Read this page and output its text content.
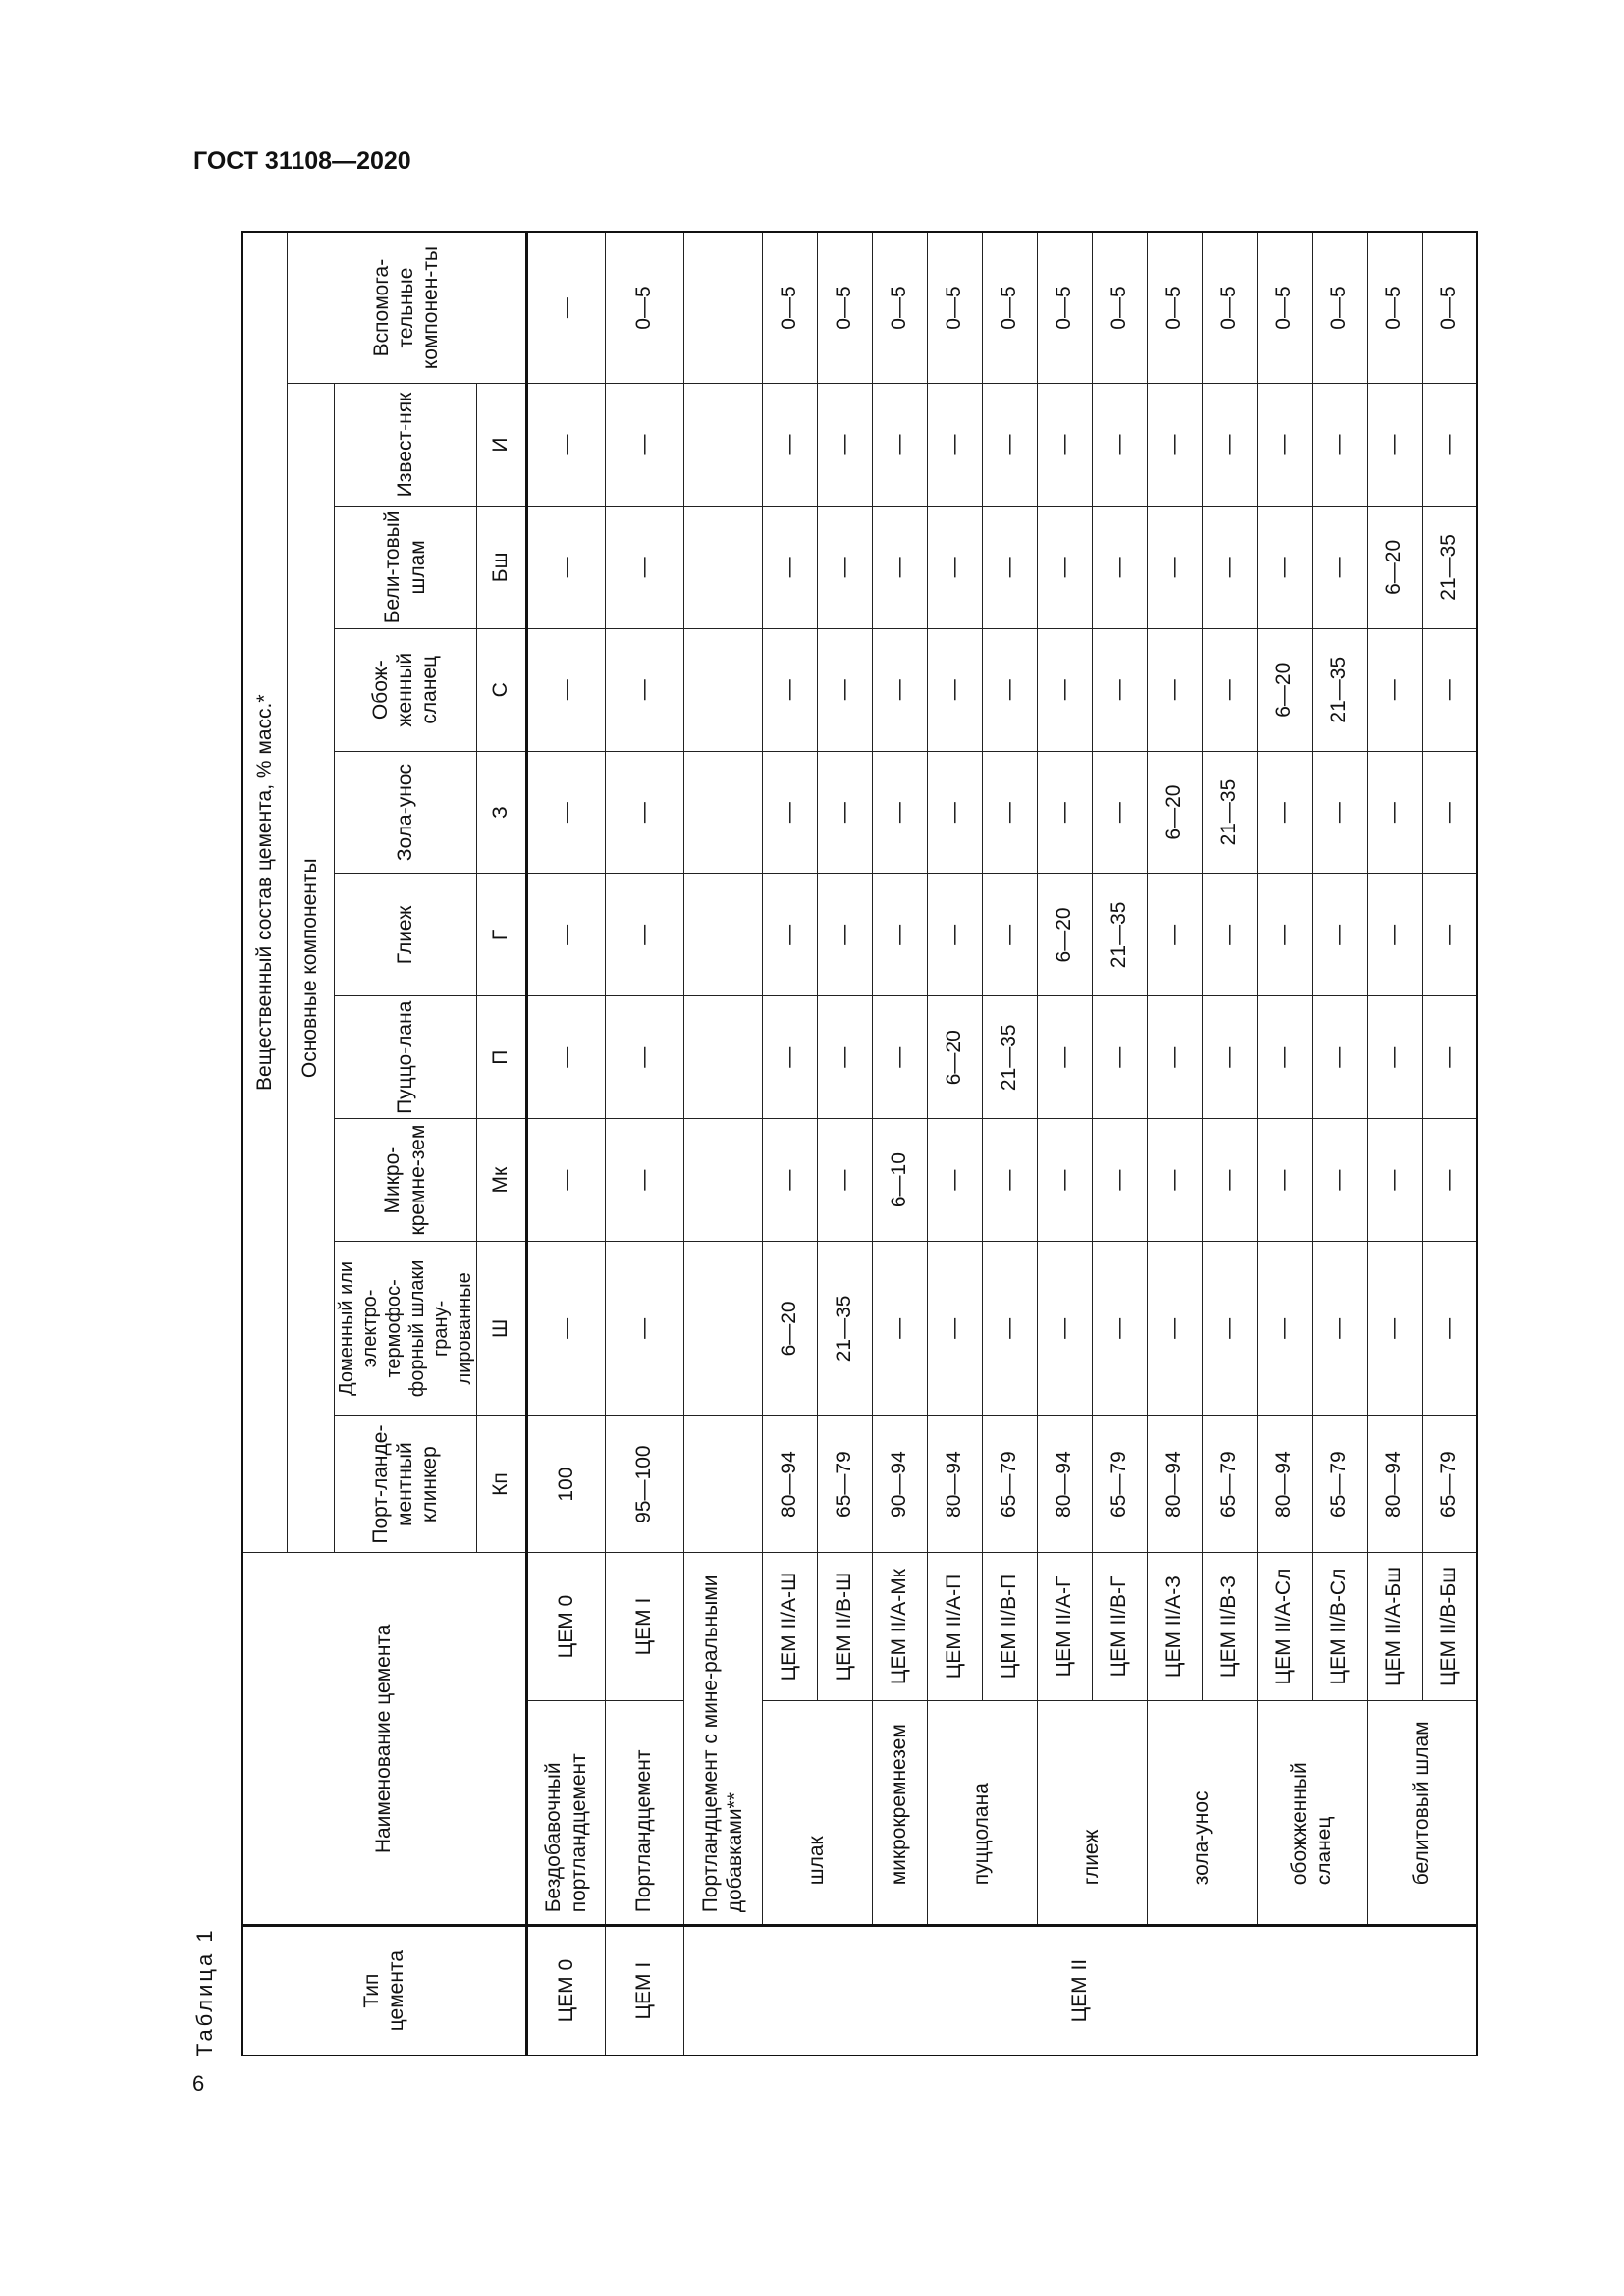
ГОСТ 31108—2020
Таблица 1
6
Тип цемента	Наименование цемента		Вещественный состав цемента, % масс.*									
			Основные компоненты									Вспомога-тельные компонен-ты
			Порт-ланде-ментный клинкер	Доменный или электро-термофос-форный шлаки грану-лированные	Микро-кремне-зем	Пуццо-лана	Глиеж	Зола-унос	Обож-женный сланец	Бели-товый шлам	Извест-няк	
			Кп	Ш	Мк	П	Г	З	С	Бш	И	
ЦЕМ 0	Бездобавочный портландцемент	ЦЕМ 0	100	—	—	—	—	—	—	—	—	—
ЦЕМ I	Портландцемент	ЦЕМ I	95—100	—	—	—	—	—	—	—	—	0—5
ЦЕМ II	Портландцемент с мине-ральными добавками**											
	шлак	ЦЕМ II/А-Ш	80—94	6—20	—	—	—	—	—	—	—	0—5
		ЦЕМ II/В-Ш	65—79	21—35	—	—	—	—	—	—	—	0—5
	микрокремнезем	ЦЕМ II/А-Мк	90—94	—	6—10	—	—	—	—	—	—	0—5
	пуццолана	ЦЕМ II/А-П	80—94	—	—	6—20	—	—	—	—	—	0—5
		ЦЕМ II/В-П	65—79	—	—	21—35	—	—	—	—	—	0—5
	глиеж	ЦЕМ II/А-Г	80—94	—	—	—	6—20	—	—	—	—	0—5
		ЦЕМ II/В-Г	65—79	—	—	—	21—35	—	—	—	—	0—5
	зола-унос	ЦЕМ II/А-З	80—94	—	—	—	—	6—20	—	—	—	0—5
		ЦЕМ II/В-З	65—79	—	—	—	—	21—35	—	—	—	0—5
	обожженный сланец	ЦЕМ II/А-Сл	80—94	—	—	—	—	—	6—20	—	—	0—5
		ЦЕМ II/В-Сл	65—79	—	—	—	—	—	21—35	—	—	0—5
	белитовый шлам	ЦЕМ II/А-Бш	80—94	—	—	—	—	—	—	6—20	—	0—5
		ЦЕМ II/В-Бш	65—79	—	—	—	—	—	—	21—35	—	0—5
